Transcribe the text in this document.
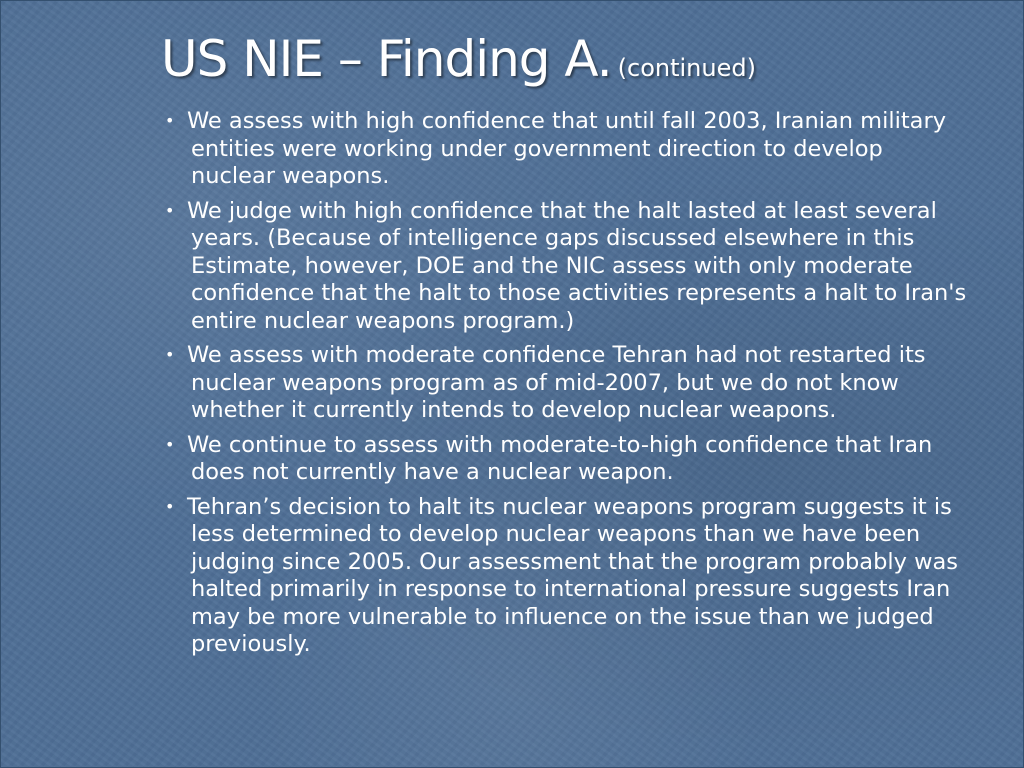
US NIE – Finding A. (continued)
• We assess with high confidence that until fall 2003, Iranian military entities were working under government direction to develop nuclear weapons.
• We judge with high confidence that the halt lasted at least several years. (Because of intelligence gaps discussed elsewhere in this Estimate, however, DOE and the NIC assess with only moderate confidence that the halt to those activities represents a halt to Iran's entire nuclear weapons program.)
• We assess with moderate confidence Tehran had not restarted its nuclear weapons program as of mid-2007, but we do not know whether it currently intends to develop nuclear weapons.
• We continue to assess with moderate-to-high confidence that Iran does not currently have a nuclear weapon.
• Tehran’s decision to halt its nuclear weapons program suggests it is less determined to develop nuclear weapons than we have been judging since 2005. Our assessment that the program probably was halted primarily in response to international pressure suggests Iran may be more vulnerable to influence on the issue than we judged previously.
